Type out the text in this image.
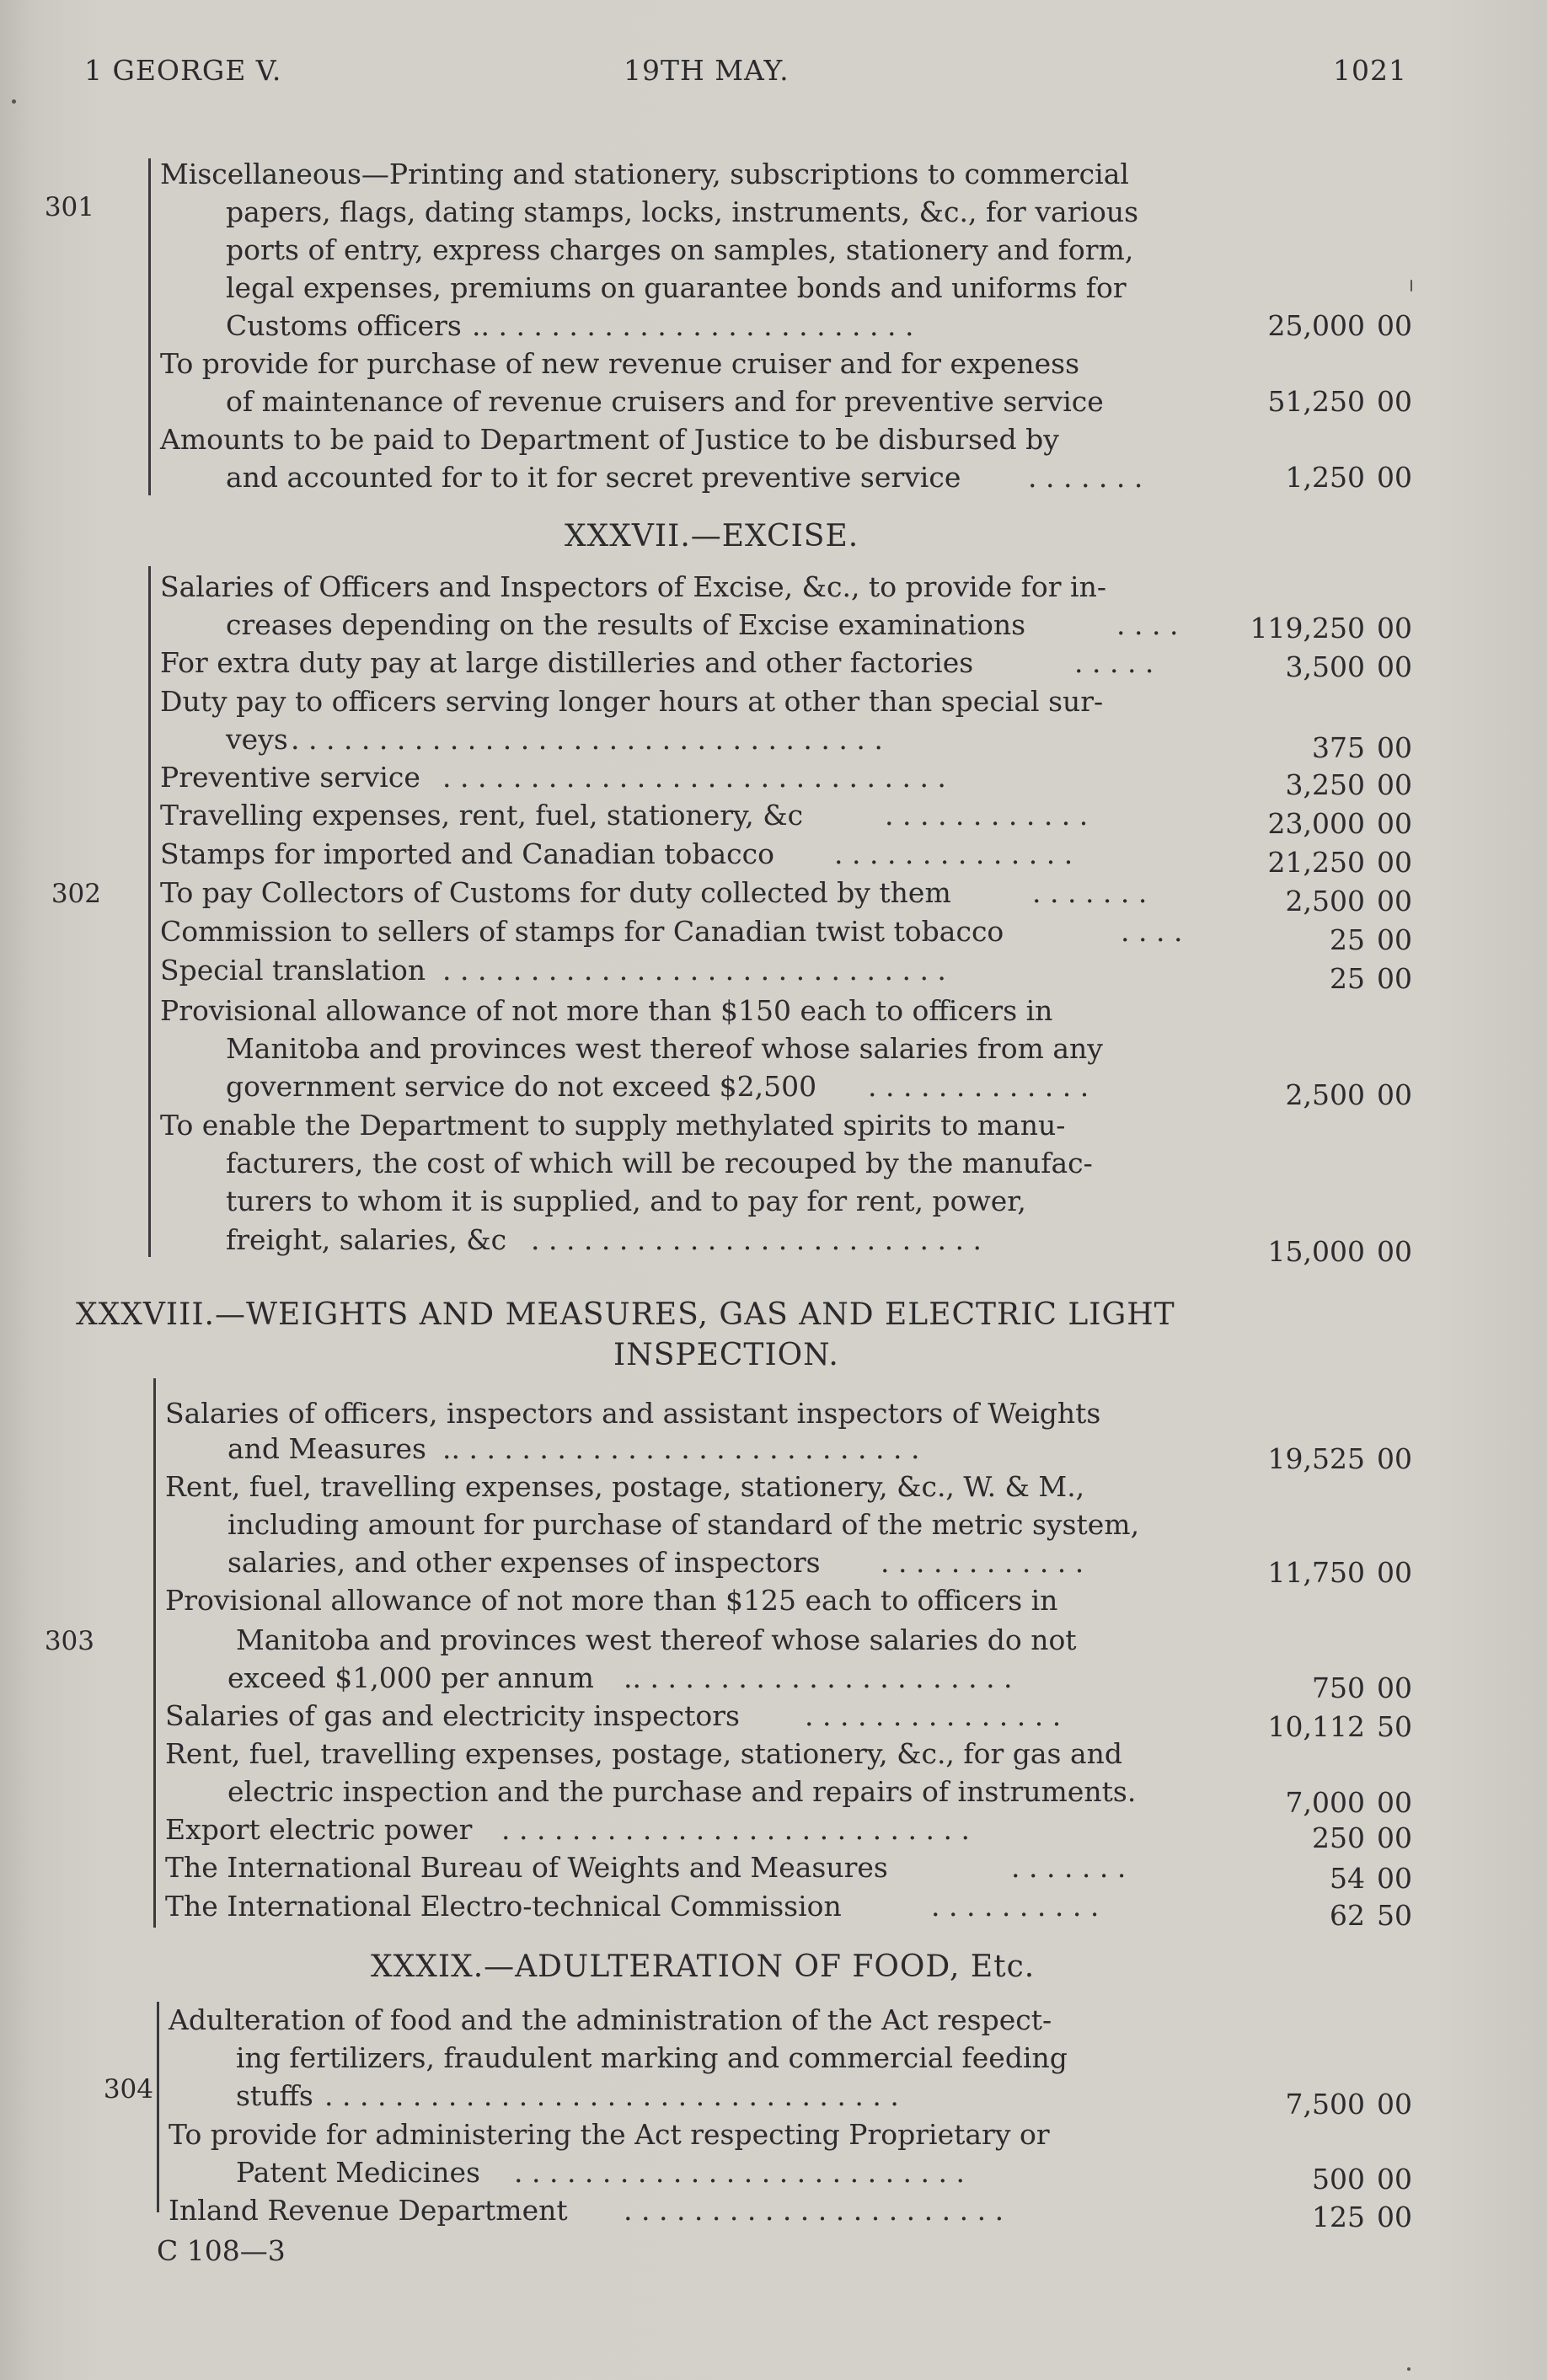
1 GEORGE V.	19TH MAY.	1021
301
Miscellaneous—Printing and stationery, subscriptions to commercial
papers, flags, dating stamps, locks, instruments, &c., for various
ports of entry, express charges on samples, stationery and form,
legal expenses, premiums on guarantee bonds and uniforms for
Customs officers .. . . . . . . . . . . . . . . . . . . . . . . . .	25,000 00
To provide for purchase of new revenue cruiser and for expeness
of maintenance of revenue cruisers and for preventive service	51,250 00
Amounts to be paid to Department of Justice to be disbursed by
and accounted for to it for secret preventive service . . . . . . .	1,250 00
XXXVII.—EXCISE.
302
Salaries of Officers and Inspectors of Excise, &c., to provide for in-
creases depending on the results of Excise examinations	. . . .	119,250 00
For extra duty pay at large distilleries and other factories	. . . . .	3,500 00
Duty pay to officers serving longer hours at other than special sur-
veys . . . . . . . . . . . . . . . . . . . . . . . . . . . . . . . . . .	375 00
Preventive service . . . . . . . . . . . . . . . . . . . . . . . . . . . . .	3,250 00
Travelling expenses, rent, fuel, stationery, &c	. . . . . . . . . . . .	23,000 00
Stamps for imported and Canadian tobacco . . . . . . . . . . . . . .	21,250 00
To pay Collectors of Customs for duty collected by them	. . . . . . .	2,500 00
Commission to sellers of stamps for Canadian twist tobacco	. . . .	25 00
Special translation . . . . . . . . . . . . . . . . . . . . . . . . . . . . .	25 00
Provisional allowance of not more than $150 each to officers in
Manitoba and provinces west thereof whose salaries from any
government service do not exceed $2,500 . . . . . . . . . . . . .	2,500 00
To enable the Department to supply methylated spirits to manu-
facturers, the cost of which will be recouped by the manufac-
turers to whom it is supplied, and to pay for rent, power,
freight, salaries, &c . . . . . . . . . . . . . . . . . . . . . . . . . .	15,000 00
XXXVIII.—WEIGHTS AND MEASURES, GAS AND ELECTRIC LIGHT
INSPECTION.
303
Salaries of officers, inspectors and assistant inspectors of Weights
and Measures .. . . . . . . . . . . . . . . . . . . . . . . . . . .	19,525 00
Rent, fuel, travelling expenses, postage, stationery, &c., W. & M.,
including amount for purchase of standard of the metric system,
salaries, and other expenses of inspectors . . . . . . . . . . . .	11,750 00
Provisional allowance of not more than $125 each to officers in
Manitoba and provinces west thereof whose salaries do not
exceed $1,000 per annum .. . . . . . . . . . . . . . . . . . . . . .	750 00
Salaries of gas and electricity inspectors . . . . . . . . . . . . . . .	10,112 50
Rent, fuel, travelling expenses, postage, stationery, &c., for gas and
electric inspection and the purchase and repairs of instruments.	7,000 00
Export electric power . . . . . . . . . . . . . . . . . . . . . . . . . . .	250 00
The International Bureau of Weights and Measures	. . . . . . .	54 00
The International Electro-technical Commission	. . . . . . . . . .	62 50
XXXIX.—ADULTERATION OF FOOD, Etc.
304
Adulteration of food and the administration of the Act respect-
ing fertilizers, fraudulent marking and commercial feeding
stuffs . . . . . . . . . . . . . . . . . . . . . . . . . . . . . . . . .	7,500 00
To provide for administering the Act respecting Proprietary or
Patent Medicines . . . . . . . . . . . . . . . . . . . . . . . . . .	500 00
Inland Revenue Department . . . . . . . . . . . . . . . . . . . . . .	125 00
C 108—3
